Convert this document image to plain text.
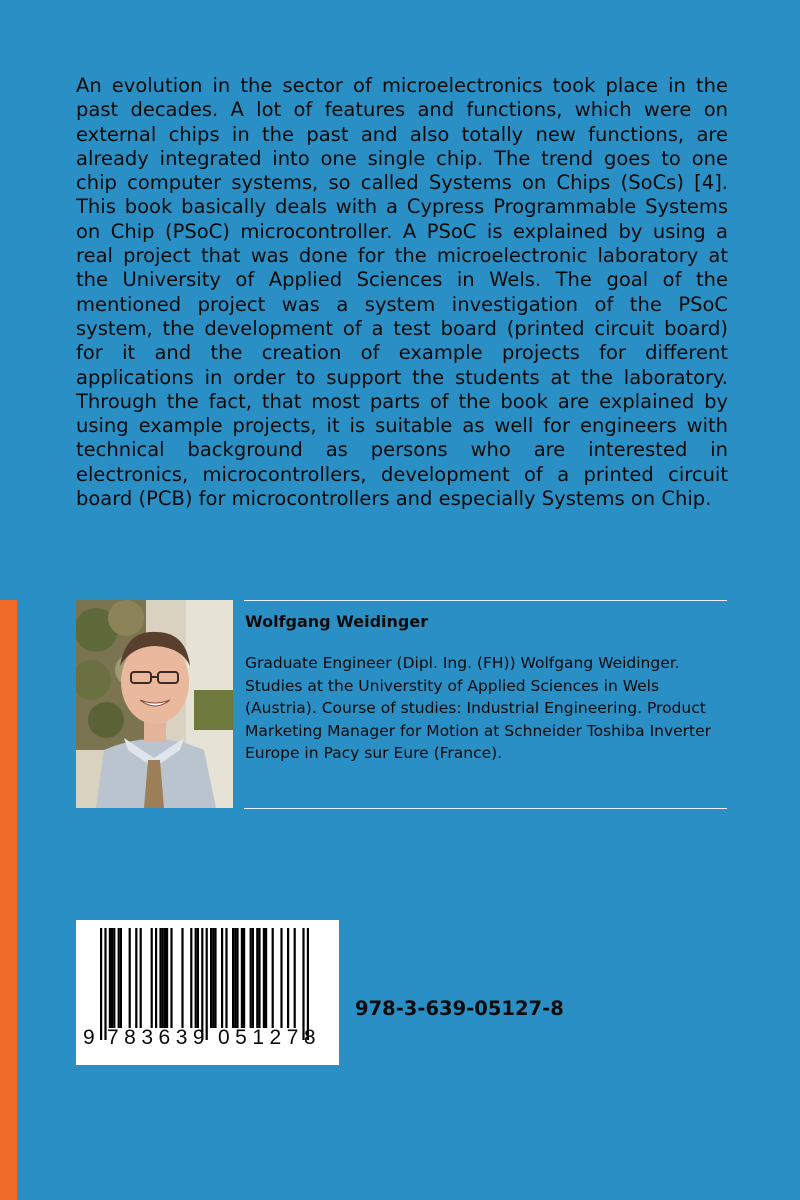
An evolution in the sector of microelectronics took place in the past decades. A lot of features and functions, which were on external chips in the past and also totally new functions, are already integrated into one single chip. The trend goes to one chip computer systems, so called Systems on Chips (SoCs) [4]. This book basically deals with a Cypress Programmable Systems on Chip (PSoC) microcontroller. A PSoC is explained by using a real project that was done for the microelectronic laboratory at the University of Applied Sciences in Wels. The goal of the mentioned project was a system investigation of the PSoC system, the development of a test board (printed circuit board) for it and the creation of example projects for different applications in order to support the students at the laboratory. Through the fact, that most parts of the book are explained by using example projects, it is suitable as well for engineers with technical background as persons who are interested in electronics, microcontrollers, development of a printed circuit board (PCB) for microcontrollers and especially Systems on Chip.

Wolfgang Weidinger

Graduate Engineer (Dipl. Ing. (FH)) Wolfgang Weidinger. Studies at the Universtity of Applied Sciences in Wels (Austria). Course of studies: Industrial Engineering. Product Marketing Manager for Motion at Schneider Toshiba Inverter Europe in Pacy sur Eure (France).

9 783639 051278

978-3-639-05127-8
